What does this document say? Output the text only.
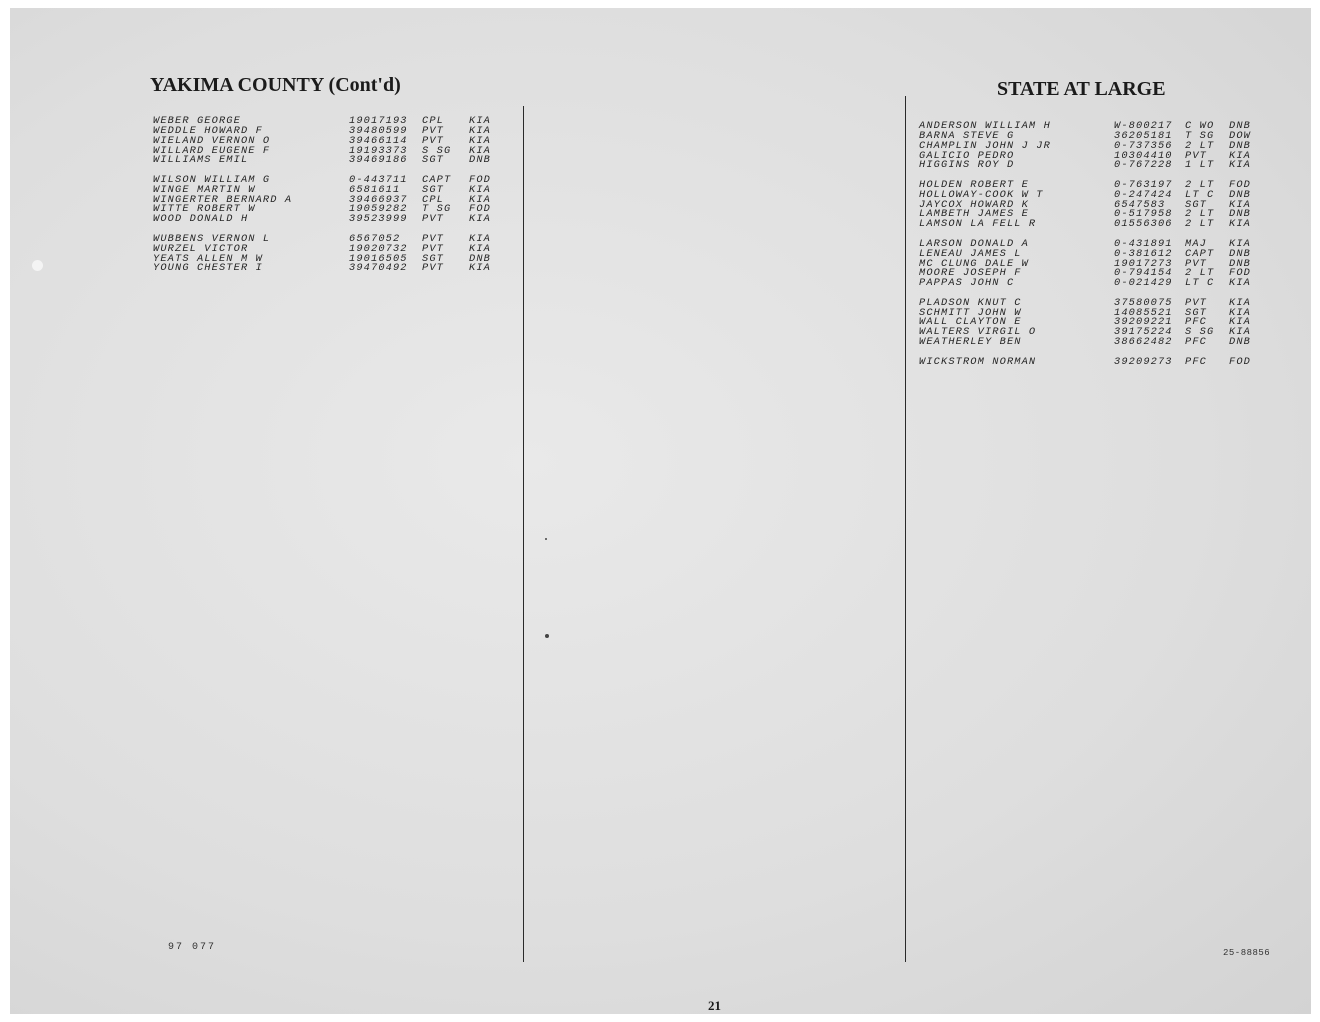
YAKIMA COUNTY (Cont'd)	STATE AT LARGE
WEBER GEORGE	19017193 CPL KIA
WEDDLE HOWARD F	39480599 PVT KIA
WIELAND VERNON O	39466114 PVT KIA
WILLARD EUGENE F	19193373 S SG KIA
WILLIAMS EMIL	39469186 SGT DNB
WILSON WILLIAM G	0-443711 CAPT FOD
WINGE MARTIN W	6581611 SGT KIA
WINGERTER BERNARD A	39466937 CPL KIA
WITTE ROBERT W	19059282 T SG FOD
WOOD DONALD H	39523999 PVT KIA
WUBBENS VERNON L	6567052 PVT KIA
WURZEL VICTOR	19020732 PVT KIA
YEATS ALLEN M W	19016505 SGT DNB
YOUNG CHESTER I	39470492 PVT KIA
ANDERSON WILLIAM H	W-800217 C WO DNB
BARNA STEVE G	36205181 T SG DOW
CHAMPLIN JOHN J JR	0-737356 2 LT DNB
GALICIO PEDRO	10304410 PVT KIA
HIGGINS ROY D	0-767228 1 LT KIA
HOLDEN ROBERT E	0-763197 2 LT FOD
HOLLOWAY-COOK W T	0-247424 LT C DNB
JAYCOX HOWARD K	6547583 SGT KIA
LAMBETH JAMES E	0-517958 2 LT DNB
LAMSON LA FELL R	01556306 2 LT KIA
LARSON DONALD A	0-431891 MAJ KIA
LENEAU JAMES L	0-381612 CAPT DNB
MC CLUNG DALE W	19017273 PVT DNB
MOORE JOSEPH F	0-794154 2 LT FOD
PAPPAS JOHN C	0-021429 LT C KIA
PLADSON KNUT C	37580075 PVT KIA
SCHMITT JOHN W	14085521 SGT KIA
WALL CLAYTON E	39209221 PFC KIA
WALTERS VIRGIL O	39175224 S SG KIA
WEATHERLEY BEN	38662482 PFC DNB
WICKSTROM NORMAN	39209273 PFC FOD
97 077	25-88856
21
